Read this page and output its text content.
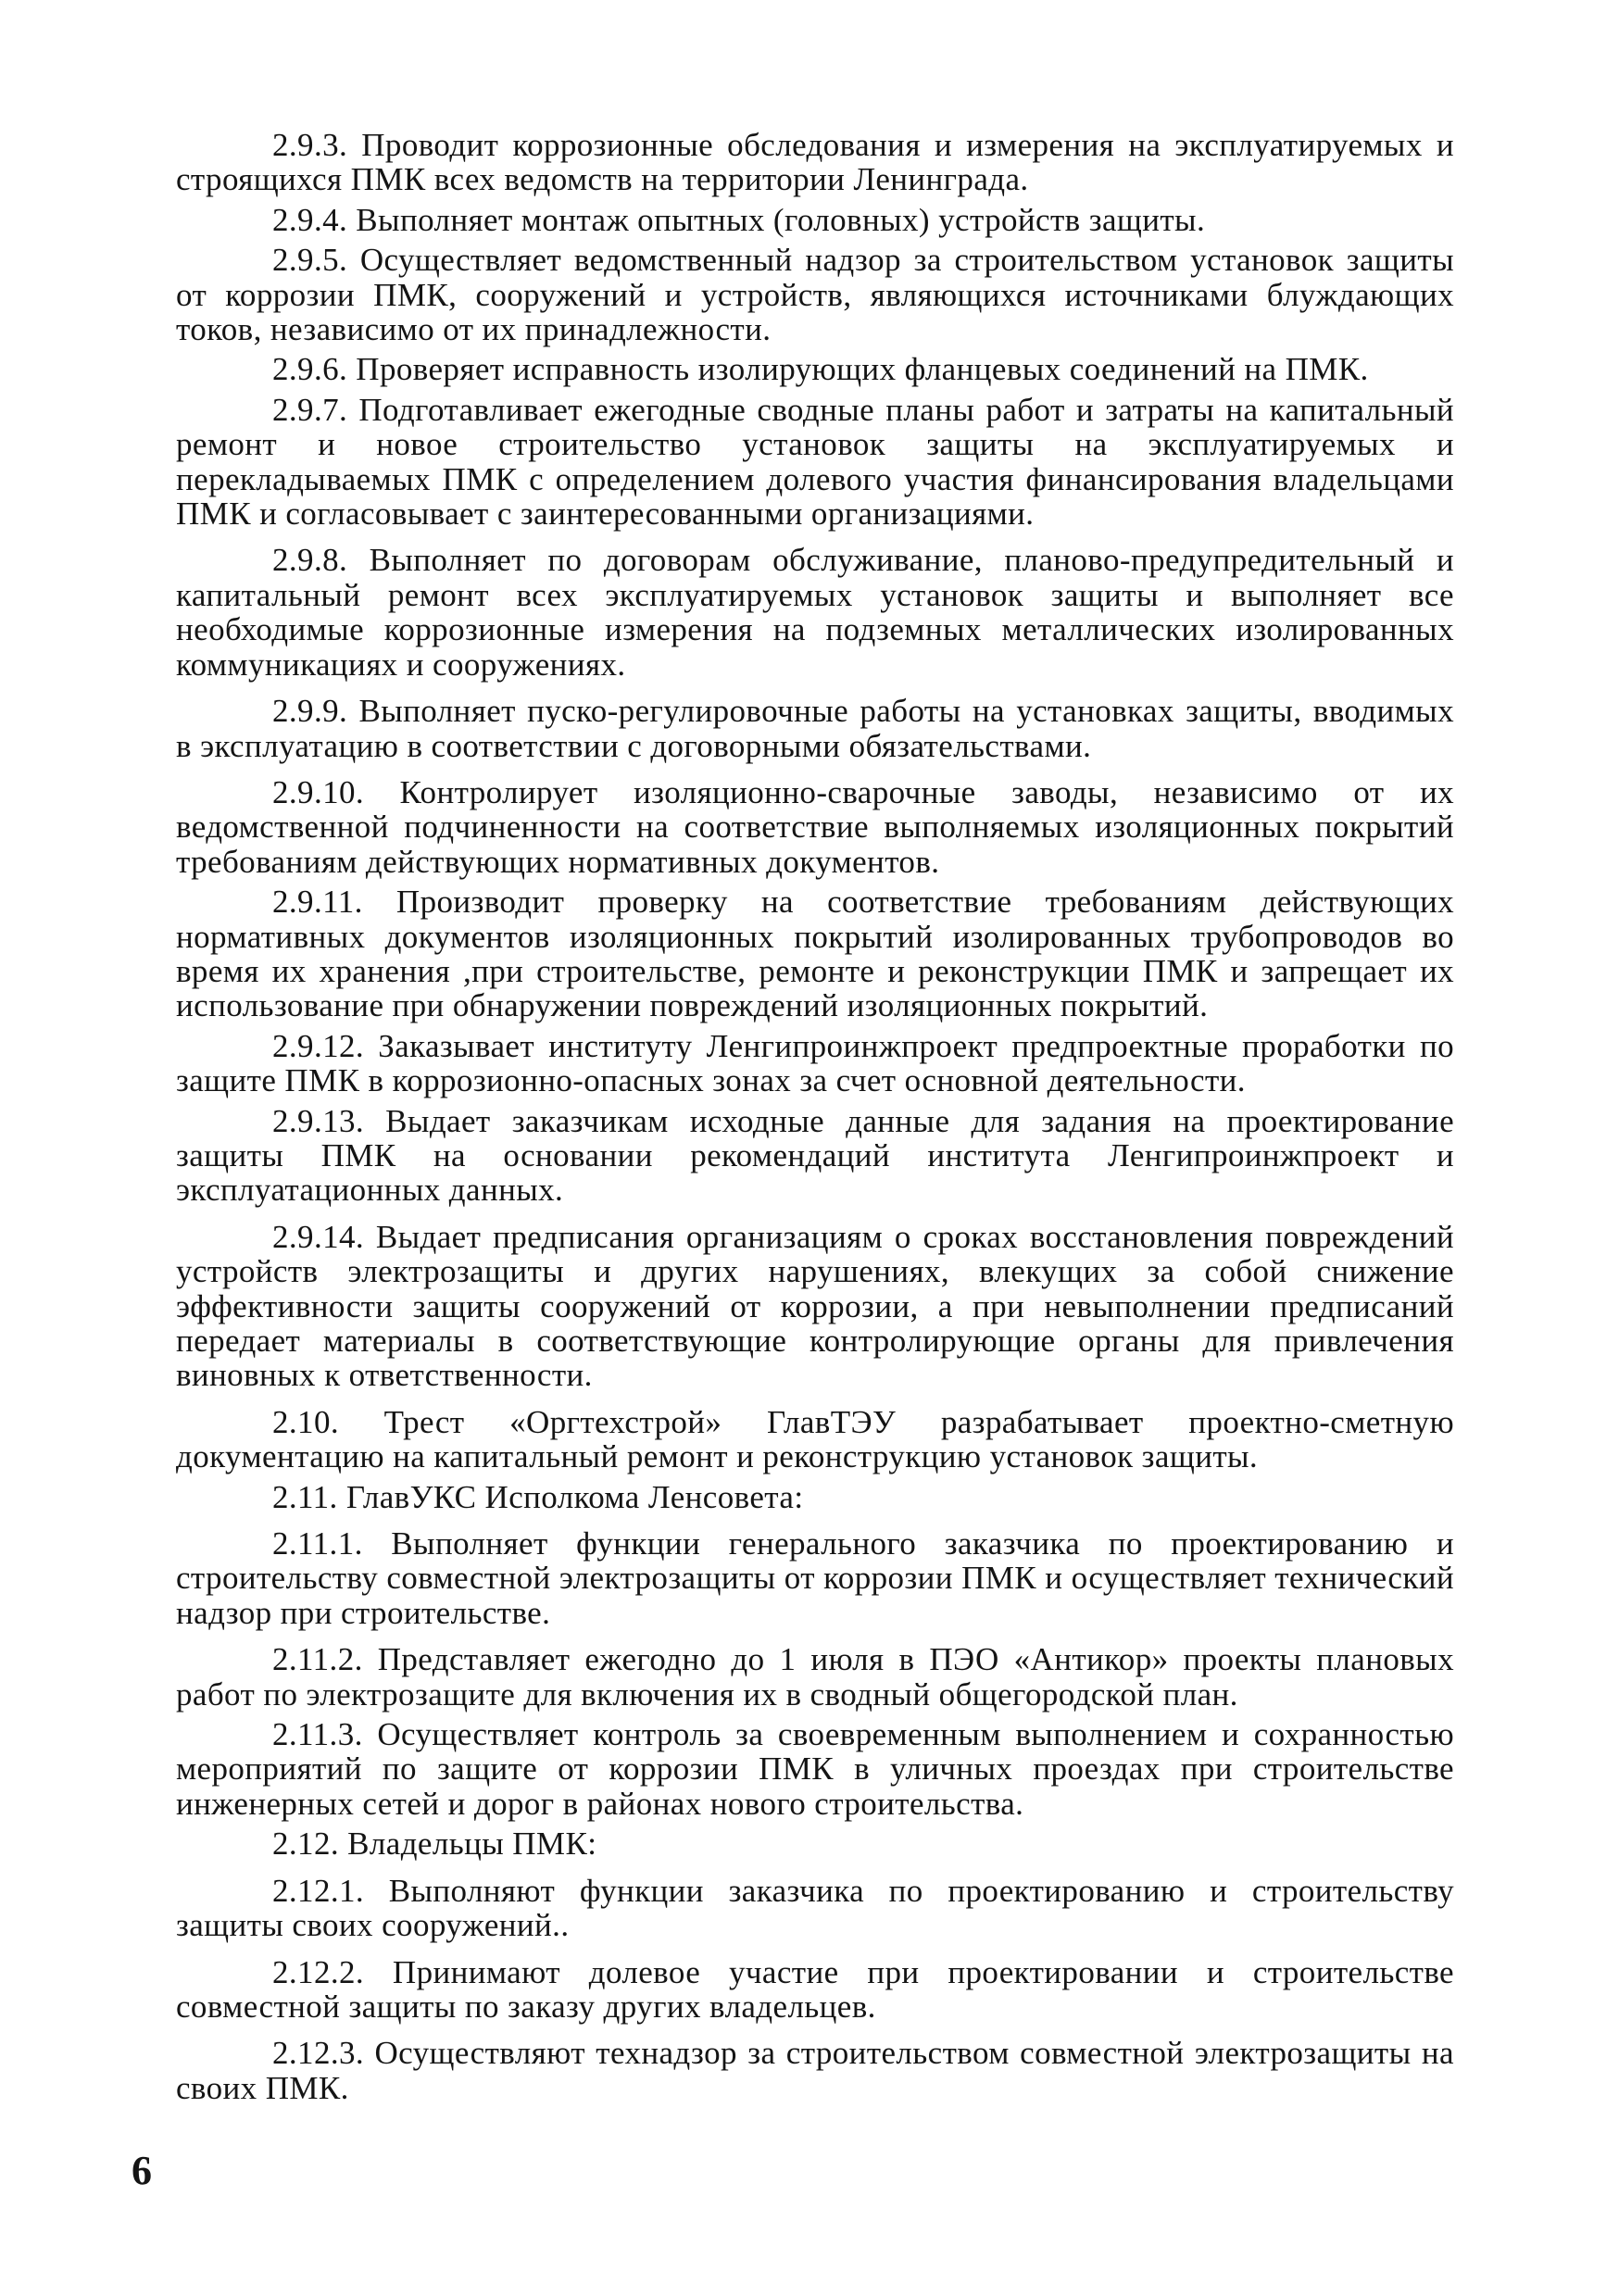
2.9.3. Проводит коррозионные обследования и измерения на эксплуатируемых и строящихся ПМК всех ведомств на территории Ленинграда.

2.9.4. Выполняет монтаж опытных (головных) устройств защиты.

2.9.5. Осуществляет ведомственный надзор за строительством установок защиты от коррозии ПМК, сооружений и устройств, являющихся источниками блуждающих токов, независимо от их принадлежности.

2.9.6. Проверяет исправность изолирующих фланцевых соединений на ПМК.

2.9.7. Подготавливает ежегодные сводные планы работ и затраты на капитальный ремонт и новое строительство установок защиты на эксплуатируемых и перекладываемых ПМК с определением долевого участия финансирования владельцами ПМК и согласовывает с заинтересованными организациями.

2.9.8. Выполняет по договорам обслуживание, планово-предупредительный и капитальный ремонт всех эксплуатируемых установок защиты и выполняет все необходимые коррозионные измерения на подземных металлических изолированных коммуникациях и сооружениях.

2.9.9. Выполняет пуско-регулировочные работы на установках защиты, вводимых в эксплуатацию в соответствии с договорными обязательствами.

2.9.10. Контролирует изоляционно-сварочные заводы, независимо от их ведомственной подчиненности на соответствие выполняемых изоляционных покрытий требованиям действующих нормативных документов.

2.9.11. Производит проверку на соответствие требованиям действующих нормативных документов изоляционных покрытий изолированных трубопроводов во время их хранения ,при строительстве, ремонте и реконструкции ПМК и запрещает их использование при обнаружении повреждений изоляционных покрытий.

2.9.12. Заказывает институту Ленгипроинжпроект предпроектные проработки по защите ПМК в коррозионно-опасных зонах за счет основной деятельности.

2.9.13. Выдает заказчикам исходные данные для задания на проектирование защиты ПМК на основании рекомендаций института Ленгипроинжпроект и эксплуатационных данных.

2.9.14. Выдает предписания организациям о сроках восстановления повреждений устройств электрозащиты и других нарушениях, влекущих за собой снижение эффективности защиты сооружений от коррозии, а при невыполнении предписаний передает материалы в соответствующие контролирующие органы для привлечения виновных к ответственности.

2.10. Трест «Оргтехстрой» ГлавТЭУ разрабатывает проектно-сметную документацию на капитальный ремонт и реконструкцию установок защиты.

2.11. ГлавУКС Исполкома Ленсовета:

2.11.1. Выполняет функции генерального заказчика по проектированию и строительству совместной электрозащиты от коррозии ПМК и осуществляет технический надзор при строительстве.

2.11.2. Представляет ежегодно до 1 июля в ПЭО «Антикор» проекты плановых работ по электрозащите для включения их в сводный общегородской план.

2.11.3. Осуществляет контроль за своевременным выполнением и сохранностью мероприятий по защите от коррозии ПМК в уличных проездах при строительстве инженерных сетей и дорог в районах нового строительства.

2.12. Владельцы ПМК:

2.12.1. Выполняют функции заказчика по проектированию и строительству защиты своих сооружений..

2.12.2. Принимают долевое участие при проектировании и строительстве совместной защиты по заказу других владельцев.

2.12.3. Осуществляют технадзор за строительством совместной электрозащиты на своих ПМК.

6
